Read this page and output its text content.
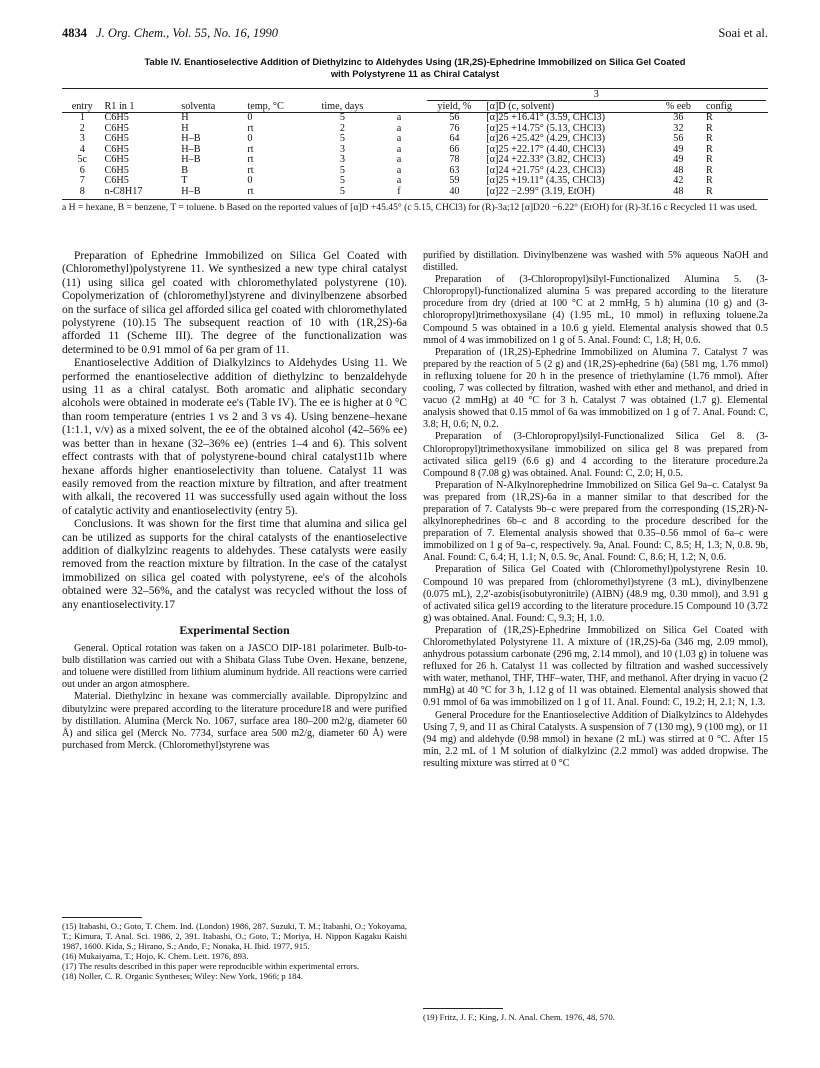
4834 J. Org. Chem., Vol. 55, No. 16, 1990	Soai et al.
Table IV. Enantioselective Addition of Diethylzinc to Aldehydes Using (1R,2S)-Ephedrine Immobilized on Silica Gel Coated
with Polystyrene 11 as Chiral Catalyst

						3			

entry	R1 in 1	solventa	temp, °C	time, days		yield, %	[α]D (c, solvent)	% eeb	config
1	C6H5	H	0	5	a	56	[α]25 +16.41° (3.59, CHCl3)	36	R
2	C6H5	H	rt	2	a	76	[α]25 +14.75° (5.13, CHCl3)	32	R
3	C6H5	H–B	0	5	a	64	[α]26 +25.42° (4.29, CHCl3)	56	R
4	C6H5	H–B	rt	3	a	66	[α]25 +22.17° (4.40, CHCl3)	49	R
5c	C6H5	H–B	rt	3	a	78	[α]24 +22.33° (3.82, CHCl3)	49	R
6	C6H5	B	rt	5	a	63	[α]24 +21.75° (4.23, CHCl3)	48	R
7	C6H5	T	0	5	a	59	[α]25 +19.11° (4.35, CHCl3)	42	R
8	n-C8H17	H–B	rt	5	f	40	[α]22 −2.99° (3.19, EtOH)	48	R
a H = hexane, B = benzene, T = toluene. b Based on the reported values of [α]D +45.45° (c 5.15, CHCl3) for (R)-3a;12 [α]D20 −6.22° (EtOH) for (R)-3f.16 c Recycled 11 was used.

Preparation of Ephedrine Immobilized on Silica Gel Coated with (Chloromethyl)polystyrene 11. We synthesized a new type chiral catalyst (11) using silica gel coated with chloromethylated polystyrene (10). Copolymerization of (chloromethyl)styrene and divinylbenzene absorbed on the surface of silica gel afforded silica gel coated with chloromethylated polystyrene (10).15 The subsequent reaction of 10 with (1R,2S)-6a afforded 11 (Scheme III). The degree of the functionalization was determined to be 0.91 mmol of 6a per gram of 11.

Enantioselective Addition of Dialkylzincs to Aldehydes Using 11. We performed the enantioselective addition of diethylzinc to benzaldehyde using 11 as a chiral catalyst. Both aromatic and aliphatic secondary alcohols were obtained in moderate ee's (Table IV). The ee is higher at 0 °C than room temperature (entries 1 vs 2 and 3 vs 4). Using benzene–hexane (1:1.1, v/v) as a mixed solvent, the ee of the obtained alcohol (42–56% ee) was better than in hexane (32–36% ee) (entries 1–4 and 6). This solvent effect contrasts with that of polystyrene-bound chiral catalyst11b where hexane affords higher enantioselectivity than toluene. Catalyst 11 was easily removed from the reaction mixture by filtration, and after treatment with alkali, the recovered 11 was successfully used again without the loss of catalytic activity and enantioselectivity (entry 5).

Conclusions. It was shown for the first time that alumina and silica gel can be utilized as supports for the chiral catalysts of the enantioselective addition of dialkylzinc reagents to aldehydes. These catalysts were easily removed from the reaction mixture by filtration. In the case of the catalyst immobilized on silica gel coated with polystyrene, ee's of the alcohols obtained were 32–56%, and the catalyst was recycled without the loss of any enantioselectivity.17

Experimental Section

General. Optical rotation was taken on a JASCO DIP-181 polarimeter. Bulb-to-bulb distillation was carried out with a Shibata Glass Tube Oven. Hexane, benzene, and toluene were distilled from lithium aluminum hydride. All reactions were carried out under an argon atmosphere.

Material. Diethylzinc in hexane was commercially available. Dipropylzinc and dibutylzinc were prepared according to the literature procedure18 and were purified by distillation. Alumina (Merck No. 1067, surface area 180–200 m2/g, diameter 60 Å) and silica gel (Merck No. 7734, surface area 500 m2/g, diameter 60 Å) were purchased from Merck. (Chloromethyl)styrene was

(15) Itabashi, O.; Goto, T. Chem. Ind. (London) 1986, 287. Suzuki, T. M.; Itabashi, O.; Yokoyama, T.; Kimura, T. Anal. Sci. 1986, 2, 391. Itabashi, O.; Goto, T.; Moriya, H. Nippon Kagaku Kaishi 1987, 1600. Kida, S.; Hirano, S.; Ando, F.; Nonaka, H. Ibid. 1977, 915.

(16) Mukaiyama, T.; Hojo, K. Chem. Lett. 1976, 893.

(17) The results described in this paper were reproducible within experimental errors.

(18) Noller, C. R. Organic Syntheses; Wiley: New York, 1966; p 184.

purified by distillation. Divinylbenzene was washed with 5% aqueous NaOH and distilled.

Preparation of (3-Chloropropyl)silyl-Functionalized Alumina 5. (3-Chloropropyl)-functionalized alumina 5 was prepared according to the literature procedure from dry (dried at 100 °C at 2 mmHg, 5 h) alumina (10 g) and (3-chloropropyl)trimethoxysilane (4) (1.95 mL, 10 mmol) in refluxing toluene.2a Compound 5 was obtained in a 10.6 g yield. Elemental analysis showed that 0.5 mmol of 4 was immobilized on 1 g of 5. Anal. Found: C, 1.8; H, 0.6.

Preparation of (1R,2S)-Ephedrine Immobilized on Alumina 7. Catalyst 7 was prepared by the reaction of 5 (2 g) and (1R,2S)-ephedrine (6a) (581 mg, 1.76 mmol) in refluxing toluene for 20 h in the presence of triethylamine (1.76 mmol). After cooling, 7 was collected by filtration, washed with ether and methanol, and dried in vacuo (2 mmHg) at 40 °C for 3 h. Catalyst 7 was obtained (1.7 g). Elemental analysis showed that 0.15 mmol of 6a was immobilized on 1 g of 7. Anal. Found: C, 3.8; H, 0.6; N, 0.2.

Preparation of (3-Chloropropyl)silyl-Functionalized Silica Gel 8. (3-Chloropropyl)trimethoxysilane immobilized on silica gel 8 was prepared from activated silica gel19 (6.6 g) and 4 according to the literature procedure.2a Compound 8 (7.08 g) was obtained. Anal. Found: C, 2.0; H, 0.5.

Preparation of N-Alkylnorephedrine Immobilized on Silica Gel 9a–c. Catalyst 9a was prepared from (1R,2S)-6a in a manner similar to that described for the preparation of 7. Catalysts 9b–c were prepared from the corresponding (1S,2R)-N-alkylnorephedrines 6b–c and 8 according to the procedure described for the preparation of 7. Elemental analysis showed that 0.35–0.56 mmol of 6a–c were immobilized on 1 g of 9a–c, respectively. 9a, Anal. Found: C, 8.5; H, 1.3; N, 0.8. 9b, Anal. Found: C, 6.4; H, 1.1; N, 0.5. 9c, Anal. Found: C, 8.6; H, 1.2; N, 0.6.

Preparation of Silica Gel Coated with (Chloromethyl)polystyrene Resin 10. Compound 10 was prepared from (chloromethyl)styrene (3 mL), divinylbenzene (0.075 mL), 2,2'-azobis(isobutyronitrile) (AIBN) (48.9 mg, 0.30 mmol), and 3.91 g of activated silica gel19 according to the literature procedure.15 Compound 10 (3.72 g) was obtained. Anal. Found: C, 9.3; H, 1.0.

Preparation of (1R,2S)-Ephedrine Immobilized on Silica Gel Coated with Chloromethylated Polystyrene 11. A mixture of (1R,2S)-6a (346 mg, 2.09 mmol), anhydrous potassium carbonate (296 mg, 2.14 mmol), and 10 (1.03 g) in toluene was refluxed for 26 h. Catalyst 11 was collected by filtration and washed successively with water, methanol, THF, THF–water, THF, and methanol. After drying in vacuo (2 mmHg) at 40 °C for 3 h, 1.12 g of 11 was obtained. Elemental analysis showed that 0.91 mmol of 6a was immobilized on 1 g of 11. Anal. Found: C, 19.2; H, 2.1; N, 1.3.

General Procedure for the Enantioselective Addition of Dialkylzincs to Aldehydes Using 7, 9, and 11 as Chiral Catalysts. A suspension of 7 (130 mg), 9 (100 mg), or 11 (94 mg) and aldehyde (0.98 mmol) in hexane (2 mL) was stirred at 0 °C. After 15 min, 2.2 mL of 1 M solution of dialkylzinc (2.2 mmol) was added dropwise. The resulting mixture was stirred at 0 °C

(19) Fritz, J. F.; King, J. N. Anal. Chem. 1976, 48, 570.
